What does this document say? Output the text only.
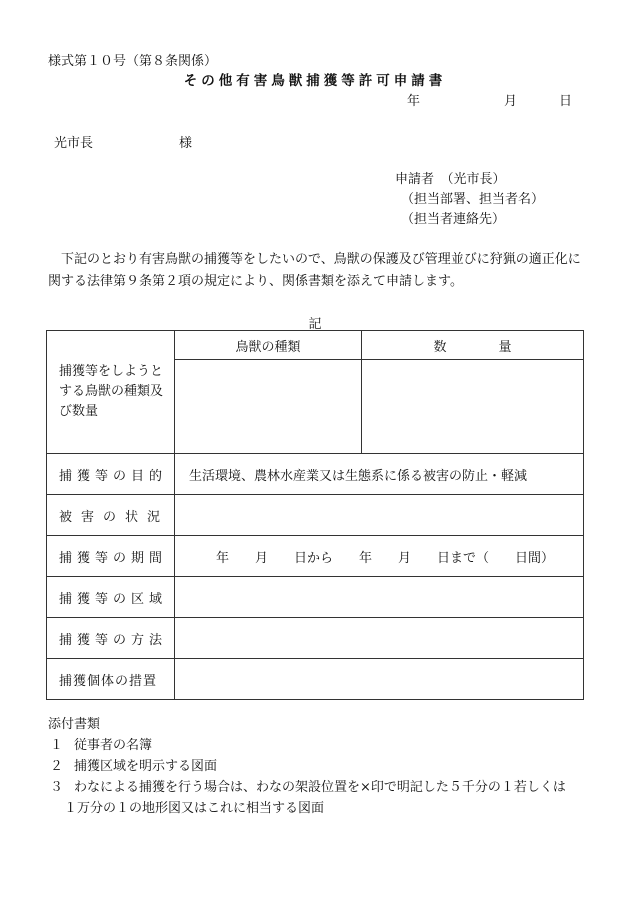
様式第１０号（第８条関係）
その他有害鳥獣捕獲等許可申請書
年	月	日
光市長	様
申請者　（光市長）
（担当部署、担当者名）
（担当者連絡先）
下記のとおり有害鳥獣の捕獲等をしたいので、鳥獣の保護及び管理並びに狩猟の適正化に関する法律第９条第２項の規定により、関係書類を添えて申請します。
記
捕獲等をしようとする鳥獣の種類及び数量	鳥獣の種類	数　　　　量

捕獲等の目的	生活環境、農林水産業又は生態系に係る被害の防止・軽減	
被害の状況		
捕獲等の期間	　年　　月　　日から　　年　　月　　日まで（　　日間）	
捕獲等の区域		
捕獲等の方法		
捕獲個体の措置		
添付書類
１ 従事者の名簿
２ 捕獲区域を明示する図面
３ わなによる捕獲を行う場合は、わなの架設位置を×印で明記した５千分の１若しくは
１万分の１の地形図又はこれに相当する図面
